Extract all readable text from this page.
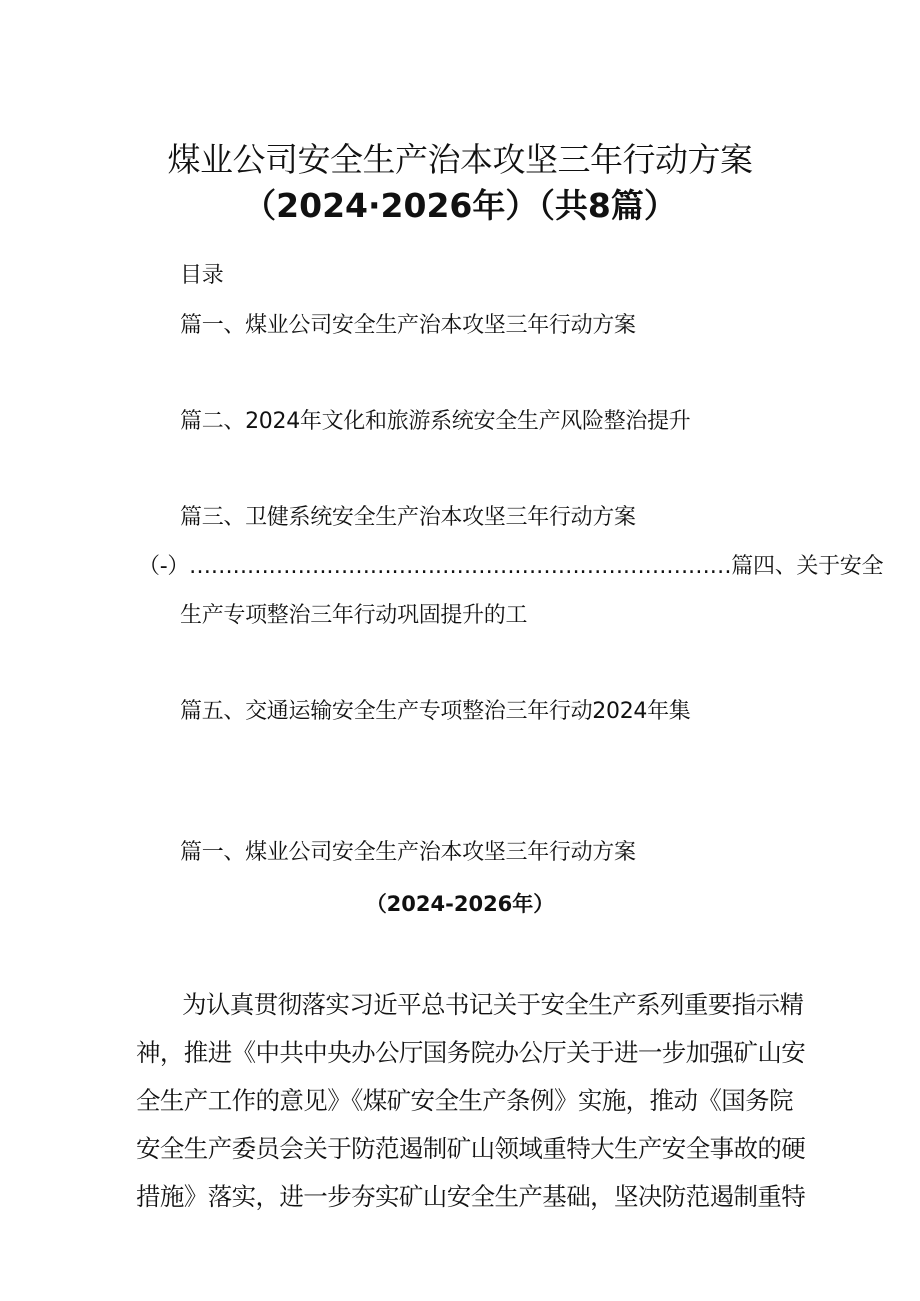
煤业公司安全生产治本攻坚三年行动方案
（2024·2026年）（共8篇）
目录
篇一、煤业公司安全生产治本攻坚三年行动方案
篇二、2024年文化和旅游系统安全生产风险整治提升
篇三、卫健系统安全生产治本攻坚三年行动方案
（-）……‥……‥…………………‥………………………………篇四、关于安全
生产专项整治三年行动巩固提升的工
篇五、交通运输安全生产专项整治三年行动2024年集
篇一、煤业公司安全生产治本攻坚三年行动方案
（2024-2026年）
为认真贯彻落实习近平总书记关于安全生产系列重要指示精
神，推进《中共中央办公厅国务院办公厅关于进一步加强矿山安
全生产工作的意见》《煤矿安全生产条例》实施，推动《国务院
安全生产委员会关于防范遏制矿山领域重特大生产安全事故的硬
措施》落实，进一步夯实矿山安全生产基础，坚决防范遏制重特
